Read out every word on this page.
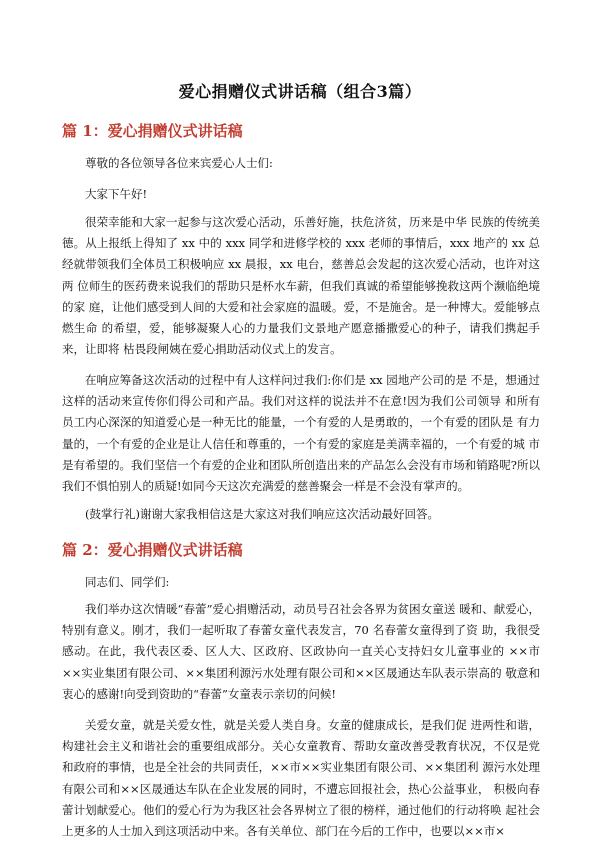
爱心捐赠仪式讲话稿（组合3篇）
篇 1：爱心捐赠仪式讲话稿
尊敬的各位领导各位来宾爱心人士们:
大家下午好!
很荣幸能和大家一起参与这次爱心活动，乐善好施，扶危济贫，历来是中华 民族的传统美德。从上报纸上得知了 xx 中的 xxx 同学和进修学校的 xxx 老师的事情后，xxx 地产的 xx 总经就带领我们全体员工积极响应 xx 晨报，xx 电台，慈善总会发起的这次爱心活动，也许对这两 位师生的医药费来说我们的帮助只是杯水车薪，但我们真诚的希望能够挽救这两个濒临绝境的家 庭，让他们感受到人间的大爱和社会家庭的温暖。爱，不是施舍。是一种博大。爱能够点燃生命 的希望，爱，能够凝聚人心的力量我们文景地产愿意播撒爱心的种子，请我们携起手来，让即将 枯畏段闸姨在爱心捐助活动仪式上的发言。
在响应筹备这次活动的过程中有人这样问过我们:你们是 xx 园地产公司的是 不是，想通过这样的活动来宣传你们得公司和产品。我们对这样的说法并不在意!因为我们公司领导 和所有员工内心深深的知道爱心是一种无比的能量，一个有爱的人是勇敢的，一个有爱的团队是 有力量的，一个有爱的企业是让人信任和尊重的，一个有爱的家庭是美满幸福的，一个有爱的城 市是有希望的。我们坚信一个有爱的企业和团队所创造出来的产品怎么会没有市场和销路呢?所以 我们不惧怕别人的质疑!如同今天这次充满爱的慈善聚会一样是不会没有掌声的。
(鼓掌行礼)谢谢大家我相信这是大家这对我们响应这次活动最好回答。
篇 2：爱心捐赠仪式讲话稿
同志们、同学们:
我们举办这次情暖“春蕾”爱心捐赠活动，动员号召社会各界为贫困女童送 暖和、献爱心，特别有意义。刚才，我们一起听取了春蕾女童代表发言，70 名春蕾女童得到了资 助，我很受感动。在此，我代表区委、区人大、区政府、区政协向一直关心支持妇女儿童事业的 ××市××实业集团有限公司、××集团利源污水处理有限公司和××区晟通达车队表示崇高的 敬意和衷心的感谢!向受到资助的“春蕾”女童表示亲切的问候!
关爱女童，就是关爱女性，就是关爱人类自身。女童的健康成长，是我们促 进两性和谐，构建社会主义和谐社会的重要组成部分。关心女童教育、帮助女童改善受教育状况，不仅是党和政府的事情，也是全社会的共同责任，××市××实业集团有限公司、××集团利 源污水处理有限公司和××区晟通达车队在企业发展的同时，不遭忘回报社会，热心公益事业， 积极向春蕾计划献爱心。他们的爱心行为为我区社会各界树立了很的榜样，通过他们的行动将唤 起社会上更多的人士加入到这项活动中来。各有关单位、部门在今后的工作中，也要以××市×
